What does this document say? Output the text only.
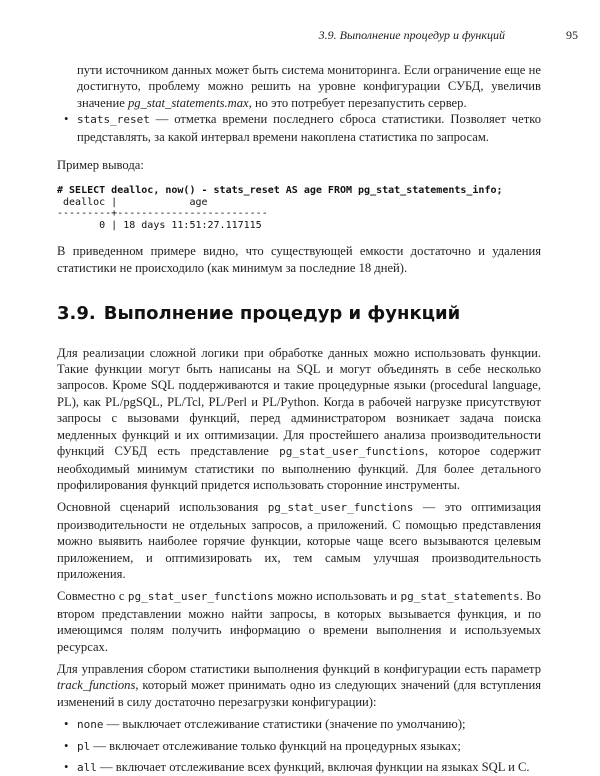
3.9. Выполнение процедур и функций	95

пути источником данных может быть система мониторинга. Если ограничение еще не достигнуто, проблему можно решить на уровне конфигурации СУБД, увеличив значение pg_stat_statements.max, но это потребует перезапустить сервер.

• stats_reset — отметка времени последнего сброса статистики. Позволяет четко представлять, за какой интервал времени накоплена статистика по запросам.

Пример вывода:

# SELECT dealloc, now() - stats_reset AS age FROM pg_stat_statements_info;
dealloc |            age
---------+-------------------------
0 | 18 days 11:51:27.117115

В приведенном примере видно, что существующей емкости достаточно и удаления статистики не происходило (как минимум за последние 18 дней).

3.9. Выполнение процедур и функций

Для реализации сложной логики при обработке данных можно использовать функции. Такие функции могут быть написаны на SQL и могут объединять в себе несколько запросов. Кроме SQL поддерживаются и такие процедурные языки (procedural language, PL), как PL/pgSQL, PL/Tcl, PL/Perl и PL/Python. Когда в рабочей нагрузке присутствуют запросы с вызовами функций, перед администратором возникает задача поиска медленных функций и их оптимизации. Для простейшего анализа производительности функций СУБД есть представление pg_stat_user_functions, которое содержит необходимый минимум статистики по выполнению функций. Для более детального профилирования функций придется использовать сторонние инструменты.

Основной сценарий использования pg_stat_user_functions — это оптимизация производительности не отдельных запросов, а приложений. С помощью представления можно выявить наиболее горячие функции, которые чаще всего вызываются целевым приложением, и оптимизировать их, тем самым улучшая производительность приложения.

Совместно с pg_stat_user_functions можно использовать и pg_stat_statements. Во втором представлении можно найти запросы, в которых вызывается функция, и по имеющимся полям получить информацию о времени выполнения и используемых ресурсах.

Для управления сбором статистики выполнения функций в конфигурации есть параметр track_functions, который может принимать одно из следующих значений (для вступления изменений в силу достаточно перезагрузки конфигурации):

• none — выключает отслеживание статистики (значение по умолчанию);
• pl — включает отслеживание только функций на процедурных языках;
• all — включает отслеживание всех функций, включая функции на языках SQL и C.
